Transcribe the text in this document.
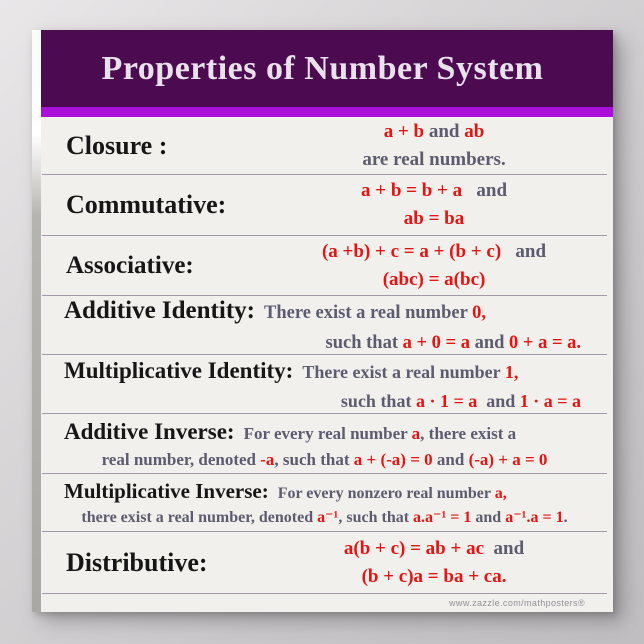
Properties of Number System
Closure :	a + b and ab
are real numbers.
Commutative:	a + b = b + a   and
ab = ba
Associative:
(a +b) + c = a + (b + c)   and
(abc) = a(bc)
Additive Identity: There exist a real number 0,
such that a + 0 = a and 0 + a = a.
Multiplicative Identity: There exist a real number 1,
such that a · 1 = a  and 1 · a = a
Additive Inverse: For every real number a, there exist a
real number, denoted -a, such that a + (-a) = 0 and (-a) + a = 0
Multiplicative Inverse: For every nonzero real number a,
there exist a real number, denoted a⁻¹, such that a.a⁻¹ = 1 and a⁻¹.a = 1.
Distributive:	a(b + c) = ab + ac  and
(b + c)a = ba + ca.
www.zazzle.com/mathposters®
